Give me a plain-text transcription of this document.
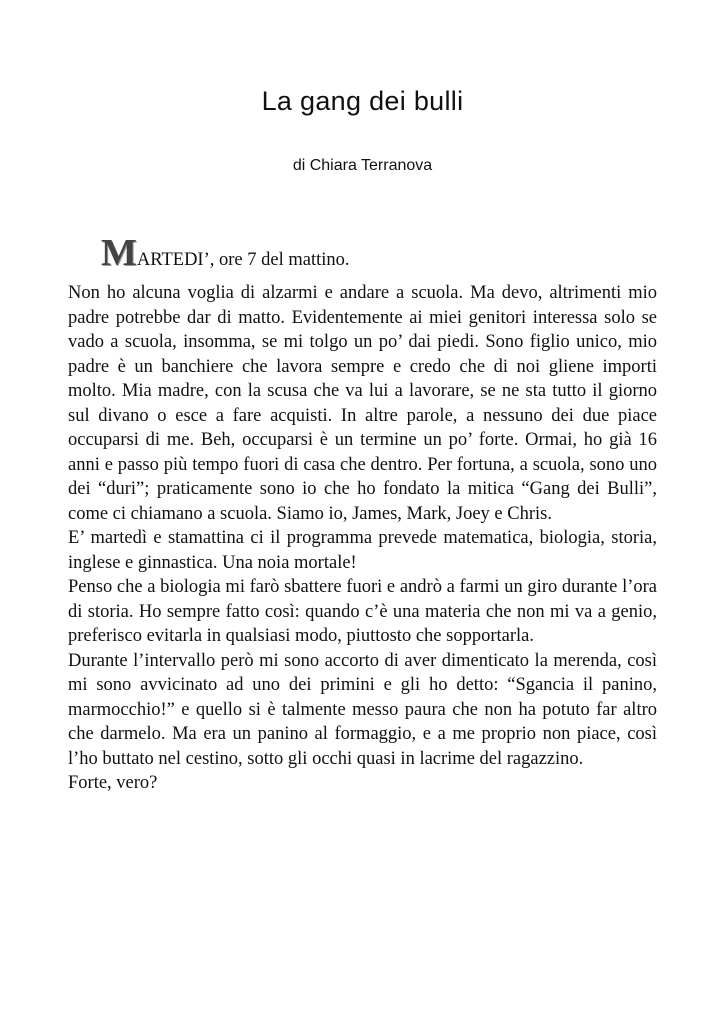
La gang dei bulli
di Chiara Terranova
MARTEDI’, ore 7 del mattino.

Non ho alcuna voglia di alzarmi e andare a scuola. Ma devo, altrimenti mio padre potrebbe dar di matto. Evidentemente ai miei genitori interessa solo se vado a scuola, insomma, se mi tolgo un po’ dai piedi. Sono figlio unico, mio padre è un banchiere che lavora sempre e credo che di noi gliene importi molto. Mia madre, con la scusa che va lui a lavorare, se ne sta tutto il giorno sul divano o esce a fare acquisti. In altre parole, a nessuno dei due piace occuparsi di me. Beh, occuparsi è un termine un po’ forte. Ormai, ho già 16 anni e passo più tempo fuori di casa che dentro. Per fortuna, a scuola, sono uno dei “duri”; praticamente sono io che ho fondato la mitica “Gang dei Bulli”, come ci chiamano a scuola. Siamo io, James, Mark, Joey e Chris.

E’ martedì e stamattina ci il programma prevede matematica, biologia, storia, inglese e ginnastica. Una noia mortale!

Penso che a biologia mi farò sbattere fuori e andrò a farmi un giro durante l’ora di storia. Ho sempre fatto così: quando c’è una materia che non mi va a genio, preferisco evitarla in qualsiasi modo, piuttosto che sopportarla.

Durante l’intervallo però mi sono accorto di aver dimenticato la merenda, così mi sono avvicinato ad uno dei primini e gli ho detto: “Sgancia il panino, marmocchio!” e quello si è talmente messo paura che non ha potuto far altro che darmelo. Ma era un panino al formaggio, e a me proprio non piace, così l’ho buttato nel cestino, sotto gli occhi quasi in lacrime del ragazzino.

Forte, vero?
